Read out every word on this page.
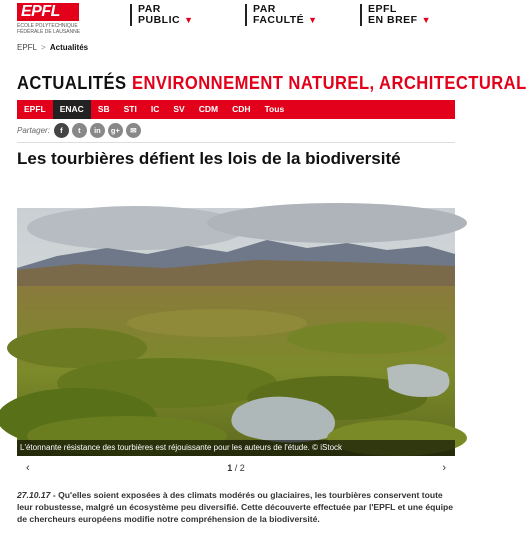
EPFL
ÉCOLE POLYTECHNIQUE FÉDÉRALE DE LAUSANNE
PAR
PUBLIC ▼
PAR
FACULTÉ ▼
EPFL
EN BREF ▼
EPFL > Actualités
ACTUALITÉS ENVIRONNEMENT NATUREL, ARCHITECTURAL
EPFL	ENAC	SB	STI	IC	SV	CDM	CDH	Tous
Partager:	f	t	in	g+	✉
Les tourbières défient les lois de la biodiversité
L'étonnante résistance des tourbières est réjouissante pour les auteurs de l'étude. © iStock
‹	1 / 2	›

27.10.17 - Qu'elles soient exposées à des climats modérés ou glaciaires, les tourbières conservent toute leur robustesse, malgré un écosystème peu diversifié. Cette découverte effectuée par l'EPFL et une équipe de chercheurs européens modifie notre compréhension de la biodiversité.
